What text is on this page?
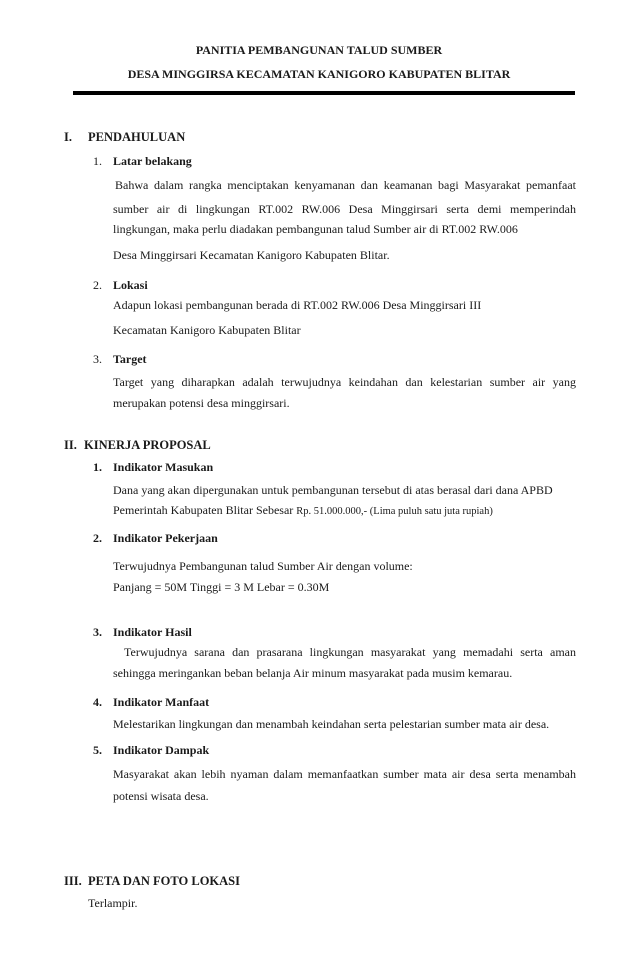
PANITIA PEMBANGUNAN TALUD SUMBER
DESA MINGGIRSA KECAMATAN KANIGORO KABUPATEN BLITAR
I. PENDAHULUAN
1. Latar belakang
Bahwa dalam rangka menciptakan kenyamanan dan keamanan bagi Masyarakat pemanfaat
sumber air di lingkungan RT.002 RW.006 Desa Minggirsari serta demi memperindah
lingkungan, maka perlu diadakan pembangunan talud Sumber air di RT.002 RW.006
Desa Minggirsari Kecamatan Kanigoro Kabupaten Blitar.
2. Lokasi
Adapun lokasi pembangunan berada di RT.002 RW.006 Desa Minggirsari III
Kecamatan Kanigoro Kabupaten Blitar
3. Target
Target yang diharapkan adalah terwujudnya keindahan dan kelestarian sumber air yang
merupakan potensi desa minggirsari.
II. KINERJA PROPOSAL
1. Indikator Masukan
Dana yang akan dipergunakan untuk pembangunan tersebut di atas berasal dari dana APBD
Pemerintah Kabupaten Blitar Sebesar Rp. 51.000.000,- (Lima puluh satu juta rupiah)
2. Indikator Pekerjaan
Terwujudnya Pembangunan talud Sumber Air dengan volume:
Panjang = 50M Tinggi = 3 M Lebar = 0.30M
3. Indikator Hasil
Terwujudnya sarana dan prasarana lingkungan masyarakat yang memadahi serta aman
sehingga meringankan beban belanja Air minum masyarakat pada musim kemarau.
4. Indikator Manfaat
Melestarikan lingkungan dan menambah keindahan serta pelestarian sumber mata air desa.
5. Indikator Dampak
Masyarakat akan lebih nyaman dalam memanfaatkan sumber mata air desa serta menambah
potensi wisata desa.
III. PETA DAN FOTO LOKASI
Terlampir.
